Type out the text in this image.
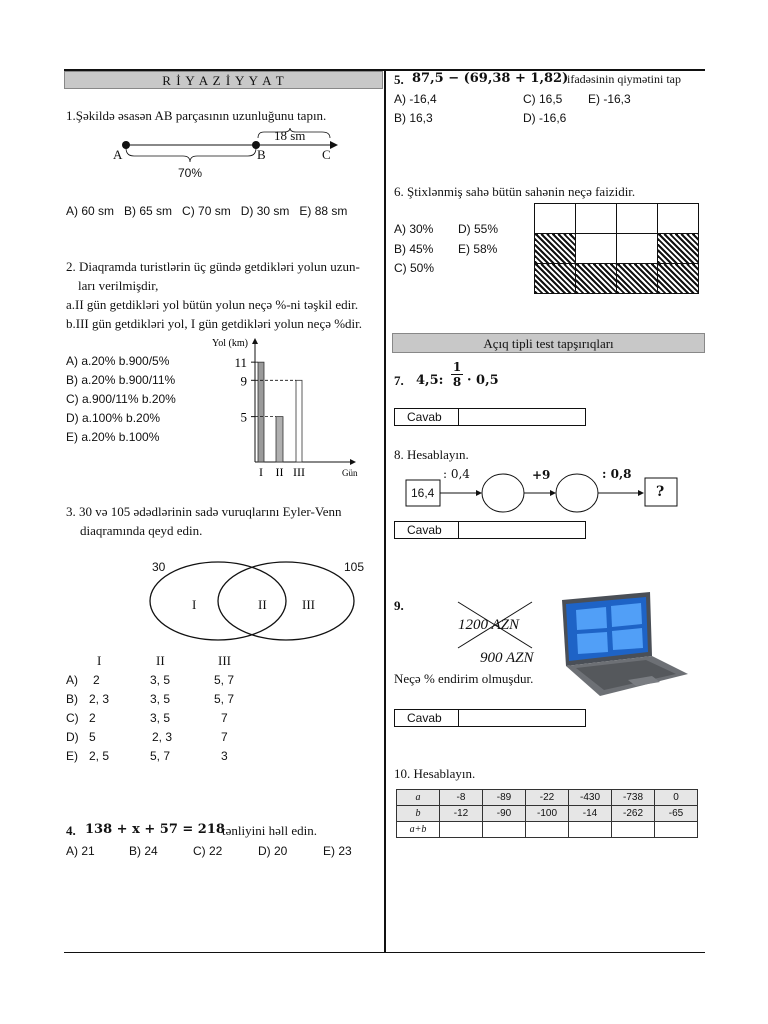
R İ Y A Z İ Y Y A T
1.Şəkildə əsasən AB parçasının uzunluğunu tapın.
A	B	C
18 sm
70%
A) 60 sm   B) 65 sm   C) 70 sm   D) 30 sm   E) 88 sm
2. Diaqramda turistlərin üç gündə getdikləri yolun uzun-
ları verilmişdir,
a.II gün getdikləri yol bütün yolun neçə %-ni təşkil edir.
b.III gün getdikləri yol, I gün getdikləri yolun neçə %dir.
A) a.20% b.900/5%
B) a.20% b.900/11%
C) a.900/11% b.20%
D) a.100% b.20%
E) a.20% b.100%
Yol (km)
Gün
I II III
5
9
11
3. 30 və 105 ədədlərinin sadə vuruqlarını Eyler-Venn
diaqramında qeyd edin.
30	105
I	II	III
I	II	III
A) 2	3, 5	5, 7
B) 2, 3	3, 5	5, 7
C) 2	3, 5	7
D) 5	2, 3	7
E) 2, 5	5, 7	3
4. 138 + x + 57 = 218
tənliyini həll edin.
A) 21	B) 24	C) 22	D) 20	E) 23
5. 87,5 − (69,38 + 1,82)
ifadəsinin qiymətini tap
A) -16,4	C) 16,5 E) -16,3
B) 16,3	D) -16,6
6. Ştixlənmiş sahə bütün sahənin neçə faizidir.
A) 30% D) 55%
B) 45% E) 58%
C) 50%

Açıq tipli test tapşırıqları
7. 4,5: $\frac{1}{8} \cdot 0,5$
Cavab
8. Hesablayın.
16,4
: 0,4	+9	: 0,8
?
Cavab
9.
1200 AZN
900 AZN
Neçə % endirim olmuşdur.
Cavab
10. Hesablayın.
a	-8	-89	-22	-430	-738	0
b	-12	-90	-100	-14	-262	-65
a+b						
